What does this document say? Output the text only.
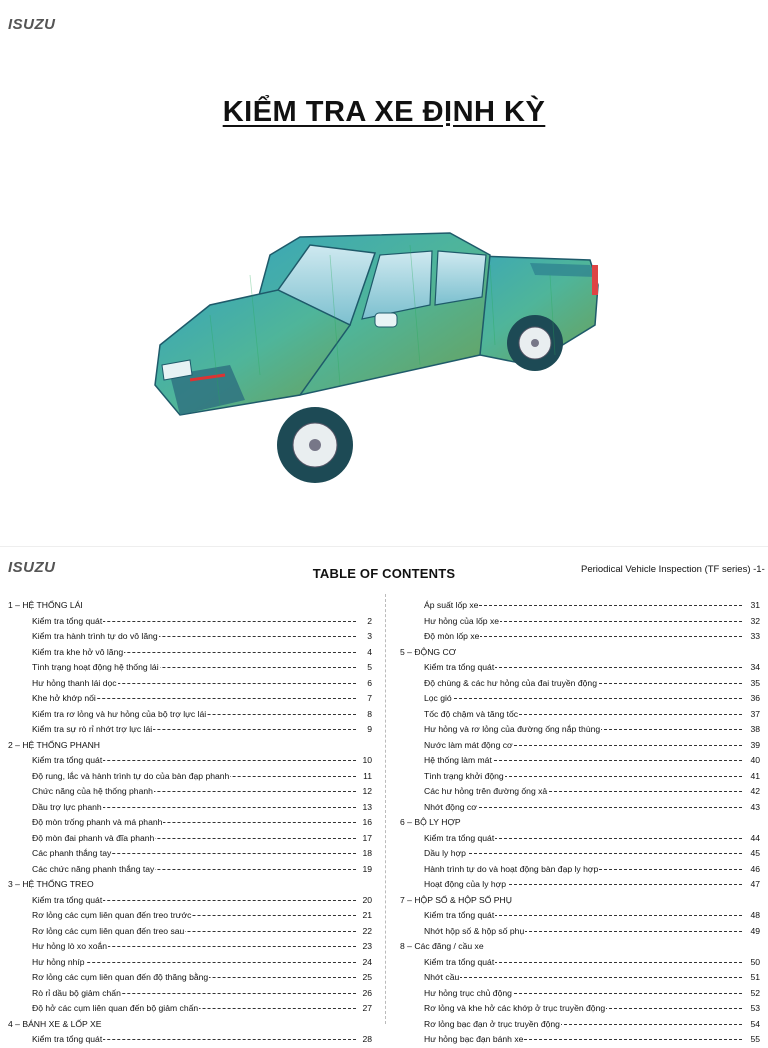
ISUZU
KIỂM TRA XE ĐỊNH KỲ
ISUZU	TABLE OF CONTENTS	Periodical Vehicle Inspection (TF series) -1-
1 – HỆ THỐNG LÁI
Kiểm tra tổng quát	2
Kiểm tra hành trình tự do vô lăng	3
Kiểm tra khe hở vô lăng	4
Tình trạng hoạt động hệ thống lái	5
Hư hỏng thanh lái dọc	6
Khe hở khớp nối	7
Kiểm tra rơ lỏng và hư hỏng của bộ trợ lực lái	8
Kiểm tra sự rò rỉ nhớt trợ lực lái	9
2 – HỆ THỐNG PHANH
Kiểm tra tổng quát	10
Độ rung, lắc và hành trình tự do của bàn đạp phanh	11
Chức năng của hệ thống phanh	12
Dầu trợ lực phanh	13
Độ mòn trống phanh và má phanh	16
Độ mòn đai phanh và đĩa phanh	17
Các phanh thắng tay	18
Các chức năng phanh thắng tay	19
3 – HỆ THỐNG TREO
Kiểm tra tổng quát	20
Rơ lỏng các cụm liên quan đến treo trước	21
Rơ lỏng các cụm liên quan đến treo sau	22
Hư hỏng lò xo xoắn	23
Hư hỏng nhíp	24
Rơ lỏng các cụm liên quan đến độ thăng bằng	25
Rò rỉ dầu bộ giảm chấn	26
Độ hở các cụm liên quan đến bộ giảm chấn	27
4 – BÁNH XE & LỐP XE
Kiểm tra tổng quát	28
Áp suất lốp xe	31
Hư hỏng của lốp xe	32
Độ mòn lốp xe	33
5 – ĐỘNG CƠ
Kiểm tra tổng quát	34
Độ chùng & các hư hỏng của đai truyền động	35
Lọc gió	36
Tốc độ chậm và tăng tốc	37
Hư hỏng và rơ lỏng của đường ống nắp thùng	38
Nước làm mát động cơ	39
Hệ thống làm mát	40
Tình trạng khởi động	41
Các hư hỏng trên đường ống xả	42
Nhớt động cơ	43
6 – BỘ LY HỢP
Kiểm tra tổng quát	44
Dầu ly hợp	45
Hành trình tự do và hoạt động bàn đạp ly hợp	46
Hoạt động của ly hợp	47
7 – HỘP SỐ & HỘP SỐ PHỤ
Kiểm tra tổng quát	48
Nhớt hộp số & hộp số phụ	49
8 – Các đăng / cầu xe
Kiểm tra tổng quát	50
Nhớt cầu	51
Hư hỏng trục chủ động	52
Rơ lỏng và khe hở các khớp ở trục truyền động	53
Rơ lỏng bạc đạn ở trục truyền động	54
Hư hỏng bạc đạn bánh xe	55
